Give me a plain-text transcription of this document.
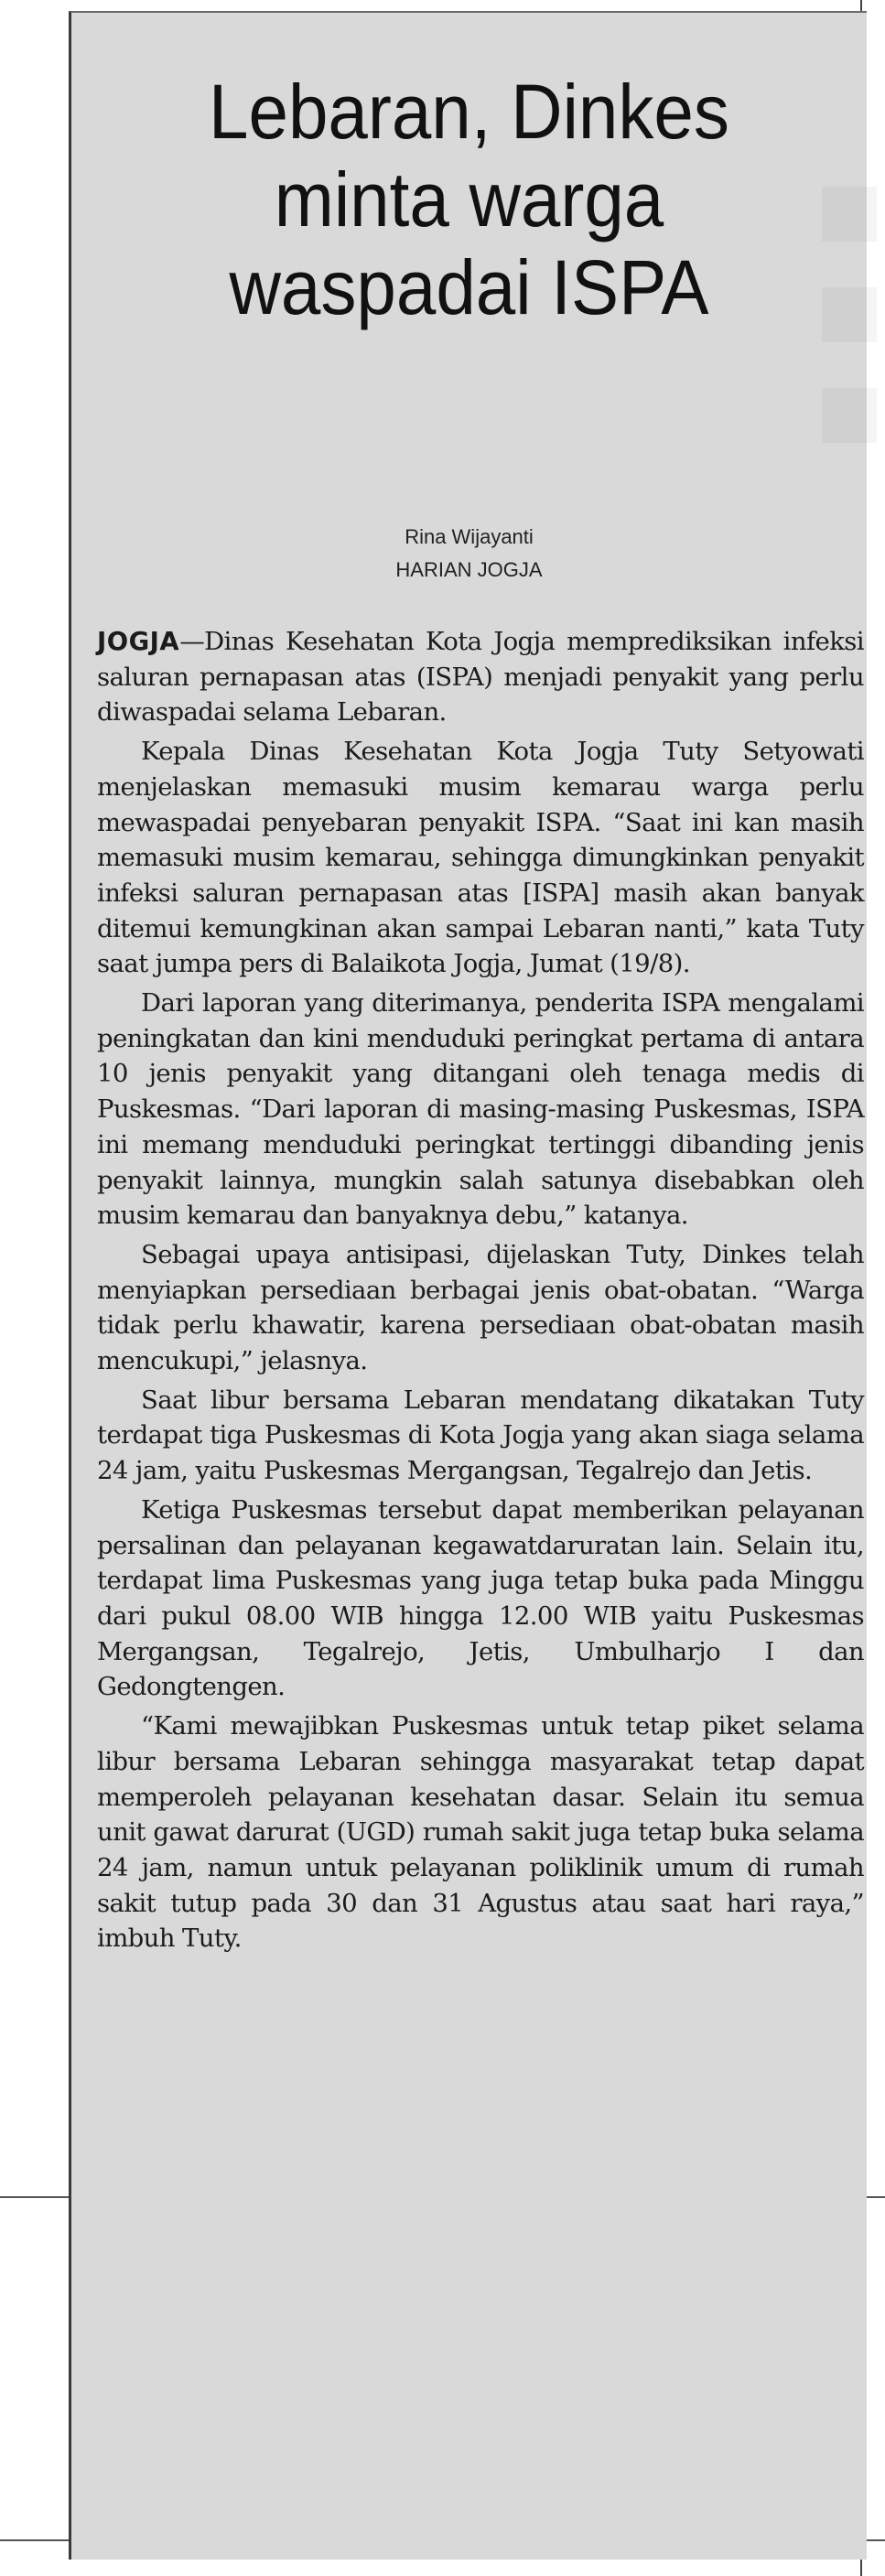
Lebaran, Dinkes
minta warga
waspadai ISPA
Rina Wijayanti
HARIAN JOGJA

JOGJA—Dinas Kesehatan Kota Jogja memprediksikan infeksi saluran pernapasan atas (ISPA) menjadi penyakit yang perlu diwaspadai selama Lebaran.

Kepala Dinas Kesehatan Kota Jogja Tuty Setyowati menjelaskan memasuki musim kemarau warga perlu mewaspadai penyebaran penyakit ISPA. “Saat ini kan masih memasuki musim kemarau, sehingga dimungkinkan penyakit infeksi saluran pernapasan atas [ISPA] masih akan banyak ditemui kemungkinan akan sampai Lebaran nanti,” kata Tuty saat jumpa pers di Balaikota Jogja, Jumat (19/8).

Dari laporan yang diterimanya, penderita ISPA mengalami peningkatan dan kini menduduki peringkat pertama di antara 10 jenis penyakit yang ditangani oleh tenaga medis di Puskesmas. “Dari laporan di masing-masing Puskesmas, ISPA ini memang menduduki peringkat tertinggi dibanding jenis penyakit lainnya, mungkin salah satunya disebabkan oleh musim kemarau dan banyaknya debu,” katanya.

Sebagai upaya antisipasi, dijelaskan Tuty, Dinkes telah menyiapkan persediaan berbagai jenis obat-obatan. “Warga tidak perlu khawatir, karena persediaan obat-obatan masih mencukupi,” jelasnya.

Saat libur bersama Lebaran mendatang dikatakan Tuty terdapat tiga Puskesmas di Kota Jogja yang akan siaga selama 24 jam, yaitu Puskesmas Mergangsan, Tegalrejo dan Jetis.

Ketiga Puskesmas tersebut dapat memberikan pelayanan persalinan dan pelayanan kegawatdaruratan lain. Selain itu, terdapat lima Puskesmas yang juga tetap buka pada Minggu dari pukul 08.00 WIB hingga 12.00 WIB yaitu Puskesmas Mergangsan, Tegalrejo, Jetis, Umbulharjo I dan Gedongtengen.

“Kami mewajibkan Puskesmas untuk tetap piket selama libur bersama Lebaran sehingga masyarakat tetap dapat memperoleh pelayanan kesehatan dasar. Selain itu semua unit gawat darurat (UGD) rumah sakit juga tetap buka selama 24 jam, namun untuk pelayanan poliklinik umum di rumah sakit tutup pada 30 dan 31 Agustus atau saat hari raya,” imbuh Tuty.
